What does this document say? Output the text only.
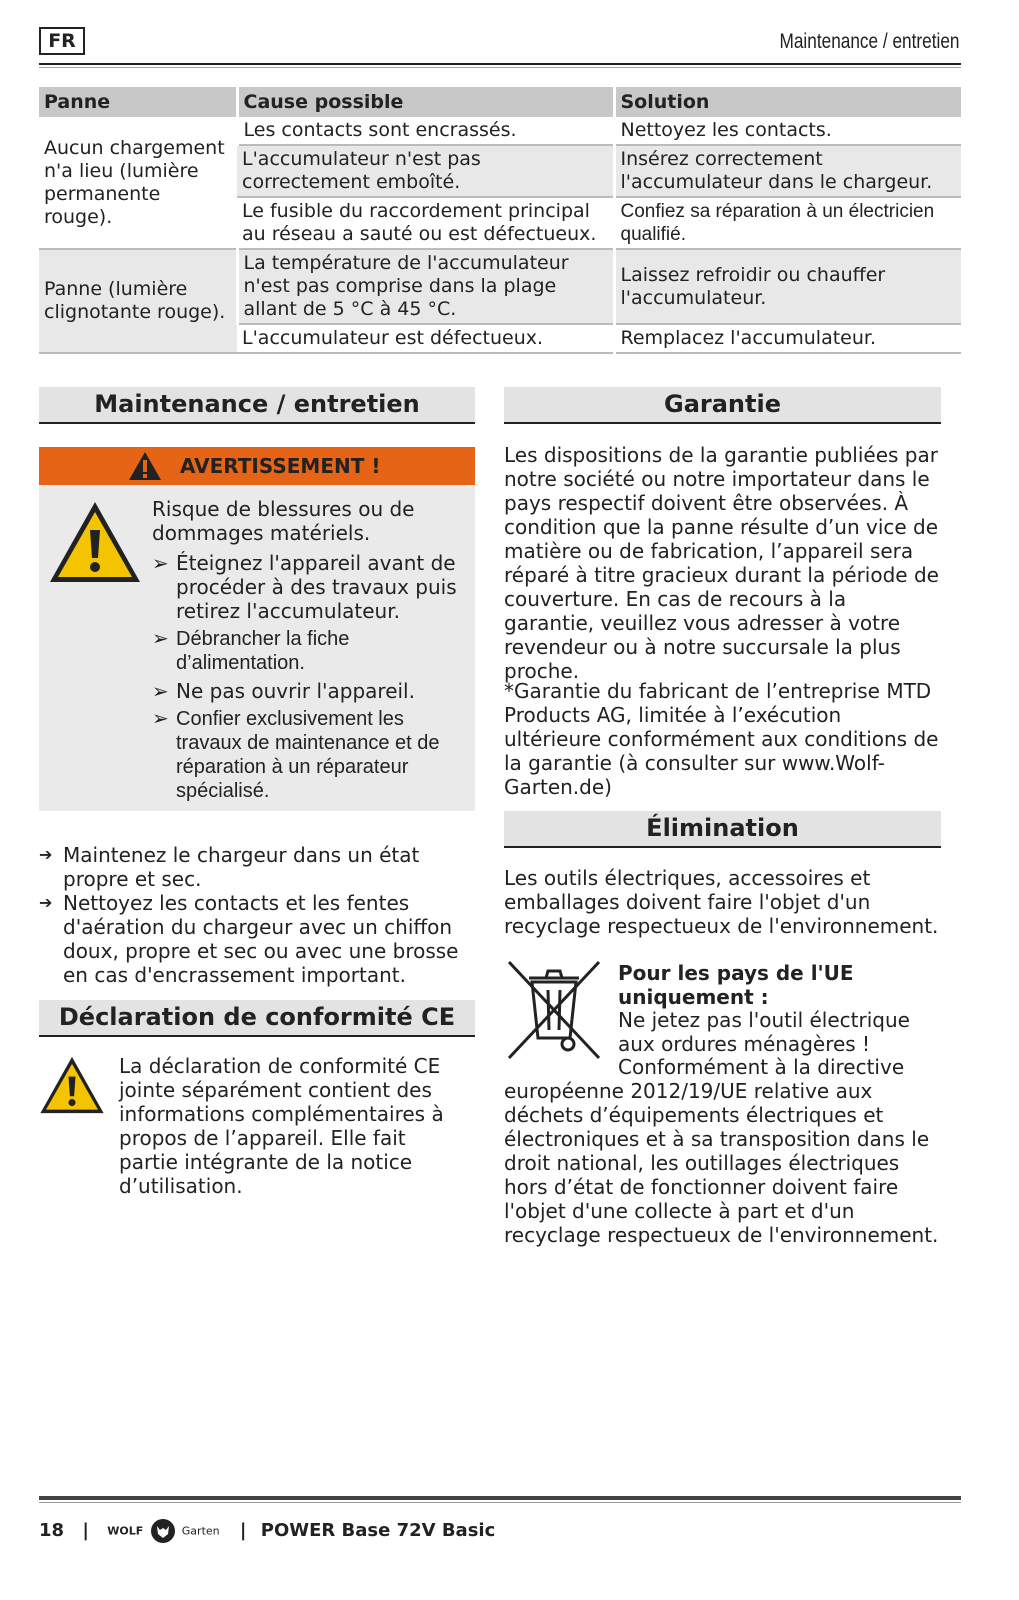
FR	Maintenance / entretien
Panne	Cause possible	Solution
Aucun chargement n'a lieu (lumière permanente rouge).	Les contacts sont encrassés.	Nettoyez les contacts.
	L'accumulateur n'est pas correctement emboîté.	Insérez correctement l'accumulateur dans le chargeur.
	Le fusible du raccordement principal au réseau a sauté ou est défectueux.	Confiez sa réparation à un électricien qualifié.
Panne (lumière clignotante rouge).	La température de l'accumulateur n'est pas comprise dans la plage allant de 5 °C à 45 °C.	Laissez refroidir ou chauffer l'accumulateur.
	L'accumulateur est défectueux.	Remplacez l'accumulateur.
Maintenance / entretien
AVERTISSEMENT !
Risque de blessures ou de dommages matériels.
➢ Éteignez l'appareil avant de procéder à des travaux puis retirez l'accumulateur.
➢ Débrancher la fiche d’alimentation.
➢ Ne pas ouvrir l'appareil.
➢ Confier exclusivement les travaux de maintenance et de réparation à un réparateur spécialisé.
➔ Maintenez le chargeur dans un état propre et sec.
➔ Nettoyez les contacts et les fentes d'aération du chargeur avec un chiffon doux, propre et sec ou avec une brosse en cas d'encrassement important.
Déclaration de conformité CE
La déclaration de conformité CE jointe séparément contient des informations complémentaires à propos de l’appareil. Elle fait partie intégrante de la notice d’utilisation.
Garantie
Les dispositions de la garantie publiées par notre société ou notre importateur dans le pays respectif doivent être observées. À condition que la panne résulte d’un vice de matière ou de fabrication, l’appareil sera réparé à titre gracieux durant la période de couverture. En cas de recours à la garantie, veuillez vous adresser à votre revendeur ou à notre succursale la plus proche.
*Garantie du fabricant de l’entreprise MTD Products AG, limitée à l’exécution ultérieure conformément aux conditions de la garantie (à consulter sur www.Wolf-Garten.de)
Élimination
Les outils électriques, accessoires et emballages doivent faire l'objet d'un recyclage respectueux de l'environnement.
Pour les pays de l'UE uniquement :
Ne jetez pas l'outil électrique aux ordures ménagères !
Conformément à la directive européenne 2012/19/UE relative aux déchets d’équipements électriques et électroniques et à sa transposition dans le droit national, les outillages électriques hors d’état de fonctionner doivent faire l'objet d'une collecte à part et d'un recyclage respectueux de l'environnement.
18 | WOLF	Garten | POWER Base 72V Basic
